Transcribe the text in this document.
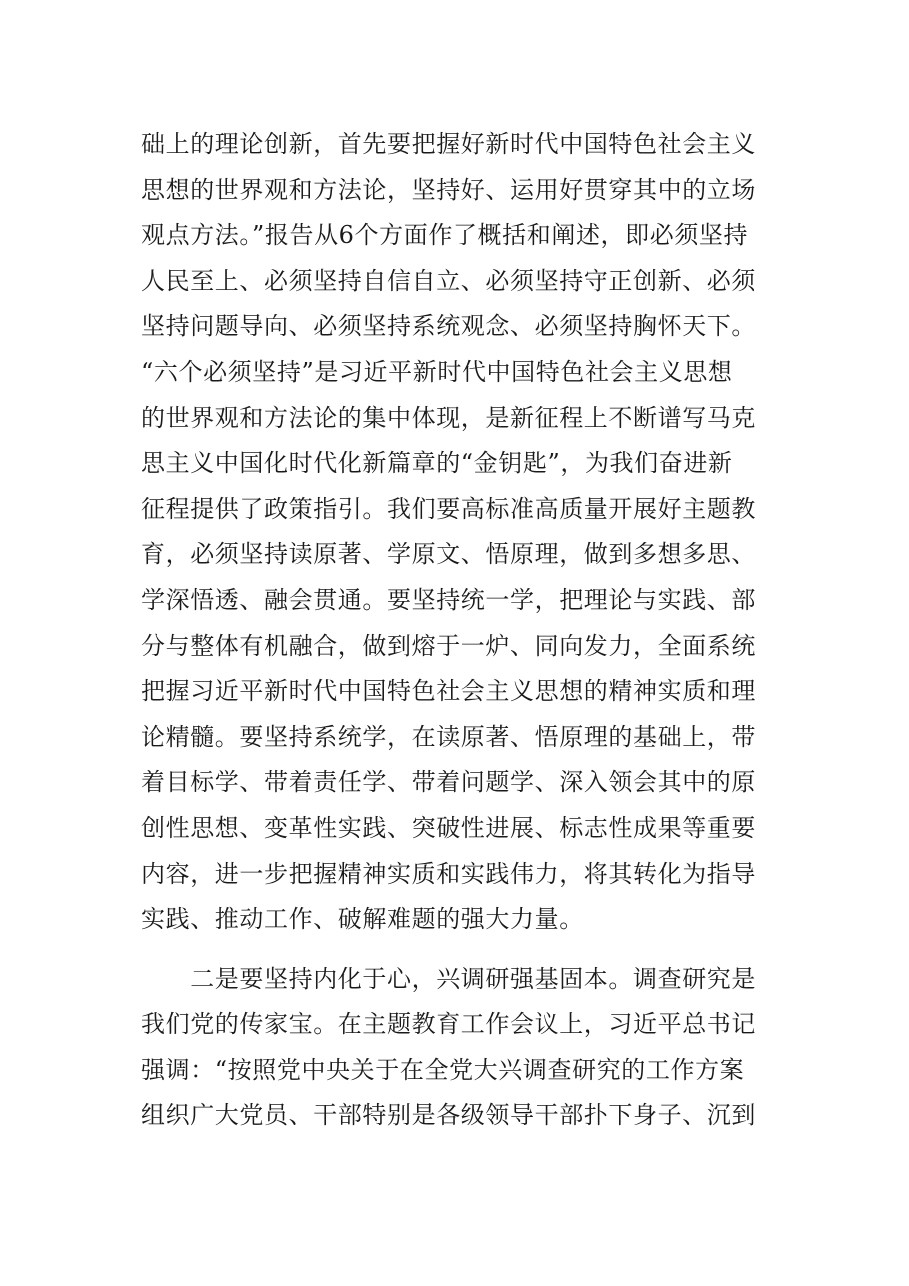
础上的理论创新，首先要把握好新时代中国特色社会主义
思想的世界观和方法论，坚持好、运用好贯穿其中的立场
观点方法。”报告从6个方面作了概括和阐述，即必须坚持
人民至上、必须坚持自信自立、必须坚持守正创新、必须
坚持问题导向、必须坚持系统观念、必须坚持胸怀天下。
“六个必须坚持”是习近平新时代中国特色社会主义思想
的世界观和方法论的集中体现，是新征程上不断谱写马克
思主义中国化时代化新篇章的“金钥匙”，为我们奋进新
征程提供了政策指引。我们要高标准高质量开展好主题教
育，必须坚持读原著、学原文、悟原理，做到多想多思、
学深悟透、融会贯通。要坚持统一学，把理论与实践、部
分与整体有机融合，做到熔于一炉、同向发力，全面系统
把握习近平新时代中国特色社会主义思想的精神实质和理
论精髓。要坚持系统学，在读原著、悟原理的基础上，带
着目标学、带着责任学、带着问题学、深入领会其中的原
创性思想、变革性实践、突破性进展、标志性成果等重要
内容，进一步把握精神实质和实践伟力，将其转化为指导
实践、推动工作、破解难题的强大力量。
　　二是要坚持内化于心，兴调研强基固本。调查研究是
我们党的传家宝。在主题教育工作会议上，习近平总书记
强调：“按照党中央关于在全党大兴调查研究的工作方案
组织广大党员、干部特别是各级领导干部扑下身子、沉到
